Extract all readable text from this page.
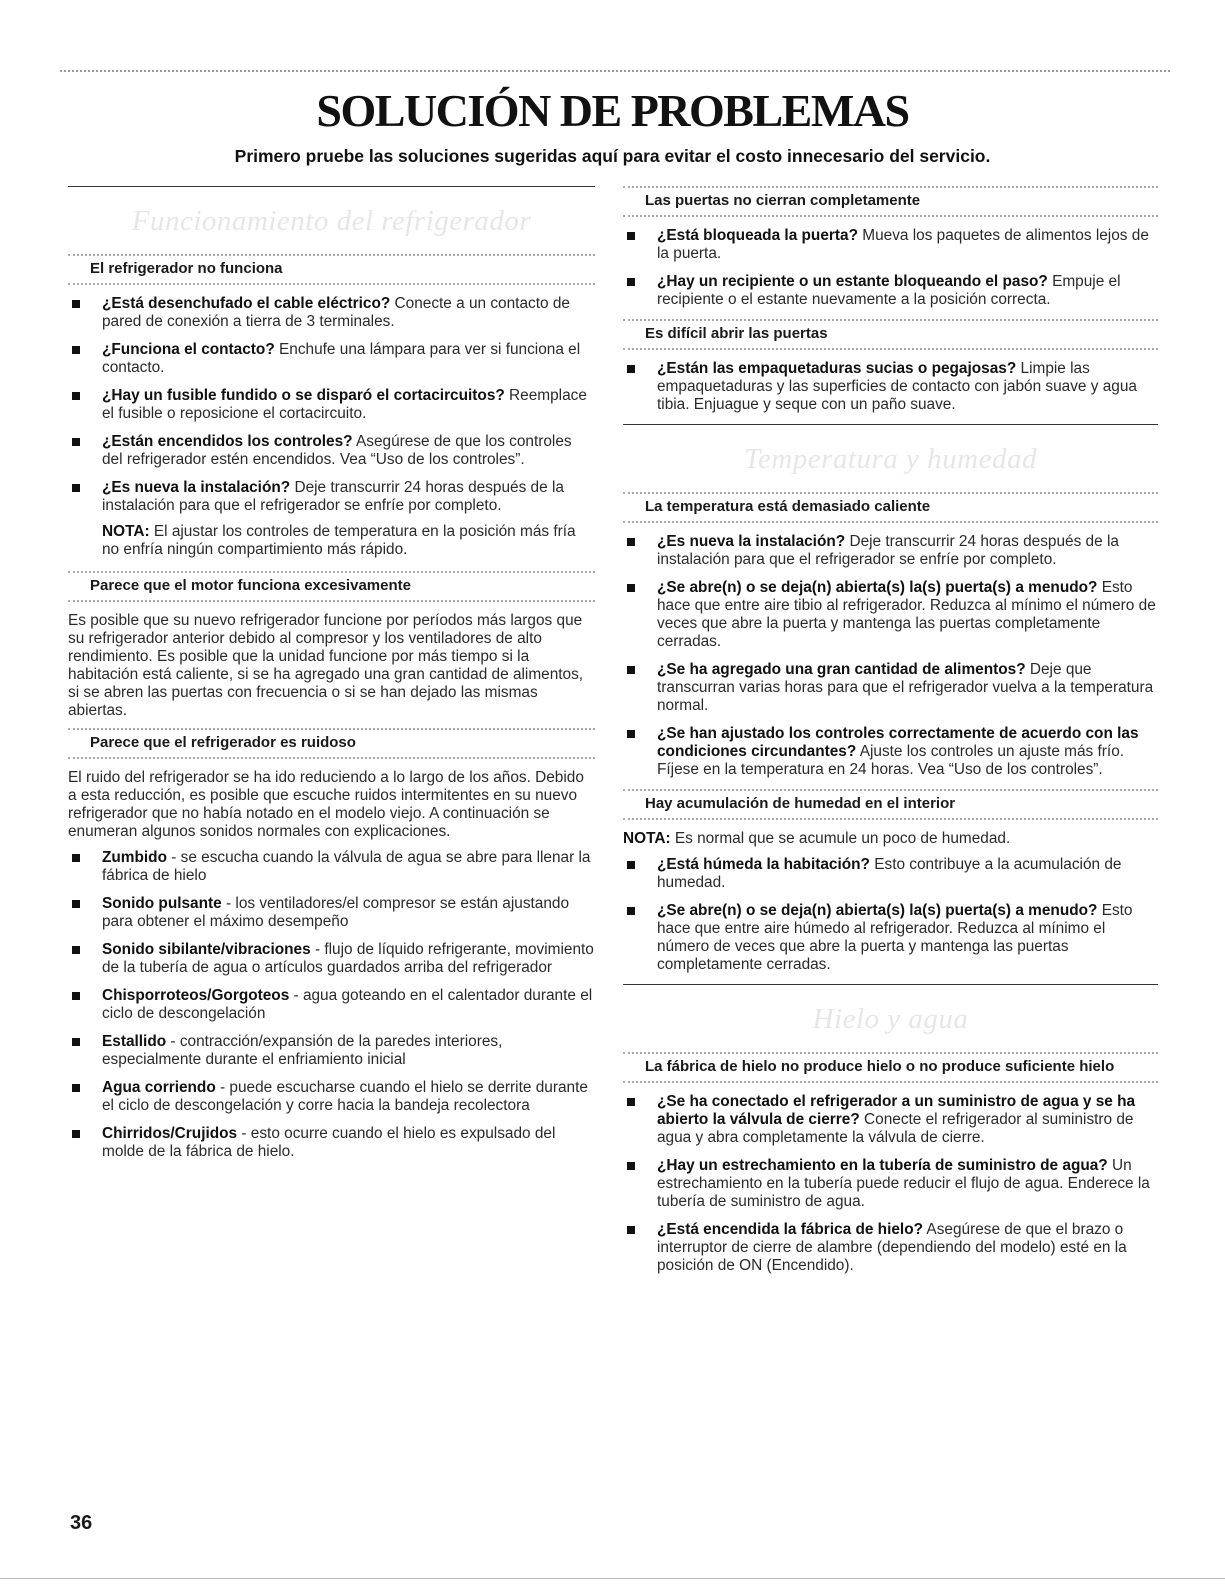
SOLUCIÓN DE PROBLEMAS

Primero pruebe las soluciones sugeridas aquí para evitar el costo innecesario del servicio.

Funcionamiento del refrigerador
El refrigerador no funciona
¿Está desenchufado el cable eléctrico? Conecte a un contacto de pared de conexión a tierra de 3 terminales.
¿Funciona el contacto? Enchufe una lámpara para ver si funciona el contacto.
¿Hay un fusible fundido o se disparó el cortacircuitos? Reemplace el fusible o reposicione el cortacircuito.
¿Están encendidos los controles? Asegúrese de que los controles del refrigerador estén encendidos. Vea “Uso de los controles”.
¿Es nueva la instalación? Deje transcurrir 24 horas después de la instalación para que el refrigerador se enfríe por completo.
NOTA: El ajustar los controles de temperatura en la posición más fría no enfría ningún compartimiento más rápido.
Parece que el motor funciona excesivamente

Es posible que su nuevo refrigerador funcione por períodos más largos que su refrigerador anterior debido al compresor y los ventiladores de alto rendimiento. Es posible que la unidad funcione por más tiempo si la habitación está caliente, si se ha agregado una gran cantidad de alimentos, si se abren las puertas con frecuencia o si se han dejado las mismas abiertas.

Parece que el refrigerador es ruidoso

El ruido del refrigerador se ha ido reduciendo a lo largo de los años. Debido a esta reducción, es posible que escuche ruidos intermitentes en su nuevo refrigerador que no había notado en el modelo viejo. A continuación se enumeran algunos sonidos normales con explicaciones.

Zumbido - se escucha cuando la válvula de agua se abre para llenar la fábrica de hielo
Sonido pulsante - los ventiladores/el compresor se están ajustando para obtener el máximo desempeño
Sonido sibilante/vibraciones - flujo de líquido refrigerante, movimiento de la tubería de agua o artículos guardados arriba del refrigerador
Chisporroteos/Gorgoteos - agua goteando en el calentador durante el ciclo de descongelación
Estallido - contracción/expansión de la paredes interiores, especialmente durante el enfriamiento inicial
Agua corriendo - puede escucharse cuando el hielo se derrite durante el ciclo de descongelación y corre hacia la bandeja recolectora
Chirridos/Crujidos - esto ocurre cuando el hielo es expulsado del molde de la fábrica de hielo.
Las puertas no cierran completamente
¿Está bloqueada la puerta? Mueva los paquetes de alimentos lejos de la puerta.
¿Hay un recipiente o un estante bloqueando el paso? Empuje el recipiente o el estante nuevamente a la posición correcta.
Es difícil abrir las puertas
¿Están las empaquetaduras sucias o pegajosas? Limpie las empaquetaduras y las superficies de contacto con jabón suave y agua tibia. Enjuague y seque con un paño suave.
Temperatura y humedad
La temperatura está demasiado caliente
¿Es nueva la instalación? Deje transcurrir 24 horas después de la instalación para que el refrigerador se enfríe por completo.
¿Se abre(n) o se deja(n) abierta(s) la(s) puerta(s) a menudo? Esto hace que entre aire tibio al refrigerador. Reduzca al mínimo el número de veces que abre la puerta y mantenga las puertas completamente cerradas.
¿Se ha agregado una gran cantidad de alimentos? Deje que transcurran varias horas para que el refrigerador vuelva a la temperatura normal.
¿Se han ajustado los controles correctamente de acuerdo con las condiciones circundantes? Ajuste los controles un ajuste más frío. Fíjese en la temperatura en 24 horas. Vea “Uso de los controles”.
Hay acumulación de humedad en el interior

NOTA: Es normal que se acumule un poco de humedad.

¿Está húmeda la habitación? Esto contribuye a la acumulación de humedad.
¿Se abre(n) o se deja(n) abierta(s) la(s) puerta(s) a menudo? Esto hace que entre aire húmedo al refrigerador. Reduzca al mínimo el número de veces que abre la puerta y mantenga las puertas completamente cerradas.
Hielo y agua
La fábrica de hielo no produce hielo o no produce suficiente hielo
¿Se ha conectado el refrigerador a un suministro de agua y se ha abierto la válvula de cierre? Conecte el refrigerador al suministro de agua y abra completamente la válvula de cierre.
¿Hay un estrechamiento en la tubería de suministro de agua? Un estrechamiento en la tubería puede reducir el flujo de agua. Enderece la tubería de suministro de agua.
¿Está encendida la fábrica de hielo? Asegúrese de que el brazo o interruptor de cierre de alambre (dependiendo del modelo) esté en la posición de ON (Encendido).

36
